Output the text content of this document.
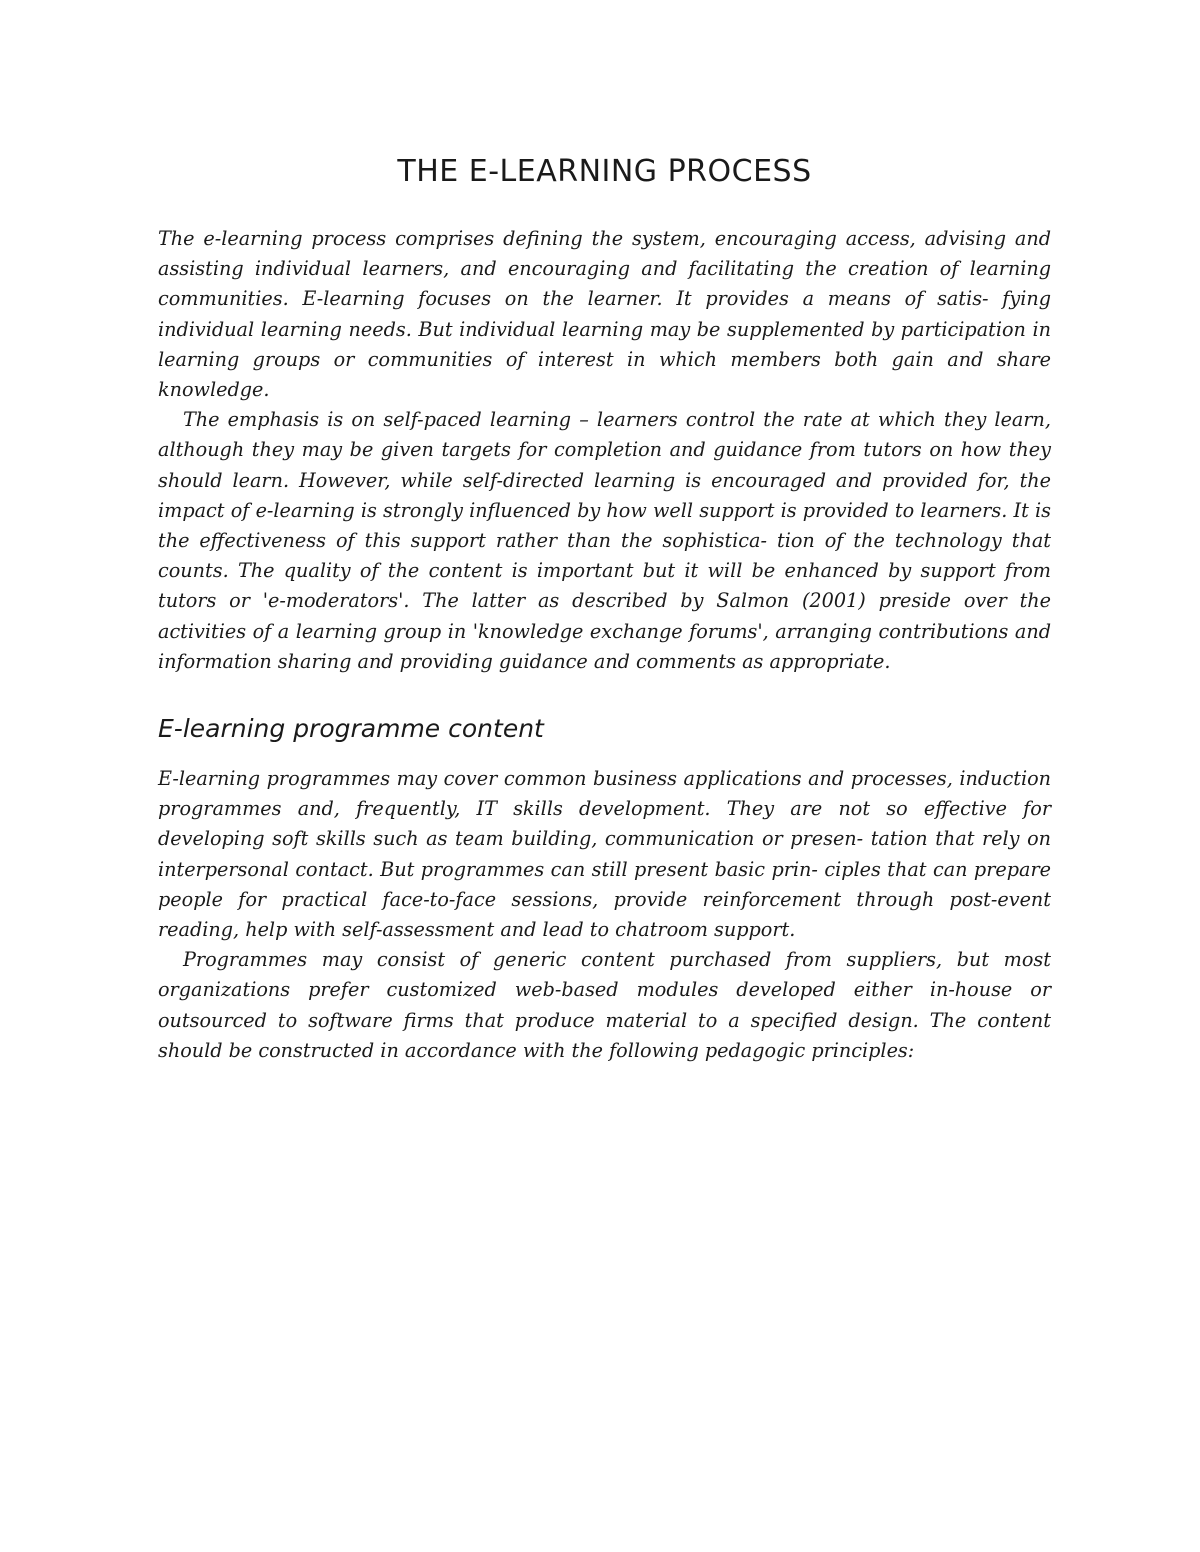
THE E-LEARNING PROCESS

The e-learning process comprises defining the system, encouraging access, advising and assisting individual learners, and encouraging and facilitating the creation of learning communities. E-learning focuses on the learner. It provides a means of satis- fying individual learning needs. But individual learning may be supplemented by participation in learning groups or communities of interest in which members both gain and share knowledge.

The emphasis is on self-paced learning – learners control the rate at which they learn, although they may be given targets for completion and guidance from tutors on how they should learn. However, while self-directed learning is encouraged and provided for, the impact of e-learning is strongly influenced by how well support is provided to learners. It is the effectiveness of this support rather than the sophistica- tion of the technology that counts. The quality of the content is important but it will be enhanced by support from tutors or 'e-moderators'. The latter as described by Salmon (2001) preside over the activities of a learning group in 'knowledge exchange forums', arranging contributions and information sharing and providing guidance and comments as appropriate.

E-learning programme content

E-learning programmes may cover common business applications and processes, induction programmes and, frequently, IT skills development. They are not so effective for developing soft skills such as team building, communication or presen- tation that rely on interpersonal contact. But programmes can still present basic prin- ciples that can prepare people for practical face-to-face sessions, provide reinforcement through post-event reading, help with self-assessment and lead to chatroom support.

Programmes may consist of generic content purchased from suppliers, but most organizations prefer customized web-based modules developed either in-house or outsourced to software firms that produce material to a specified design. The content should be constructed in accordance with the following pedagogic principles:
